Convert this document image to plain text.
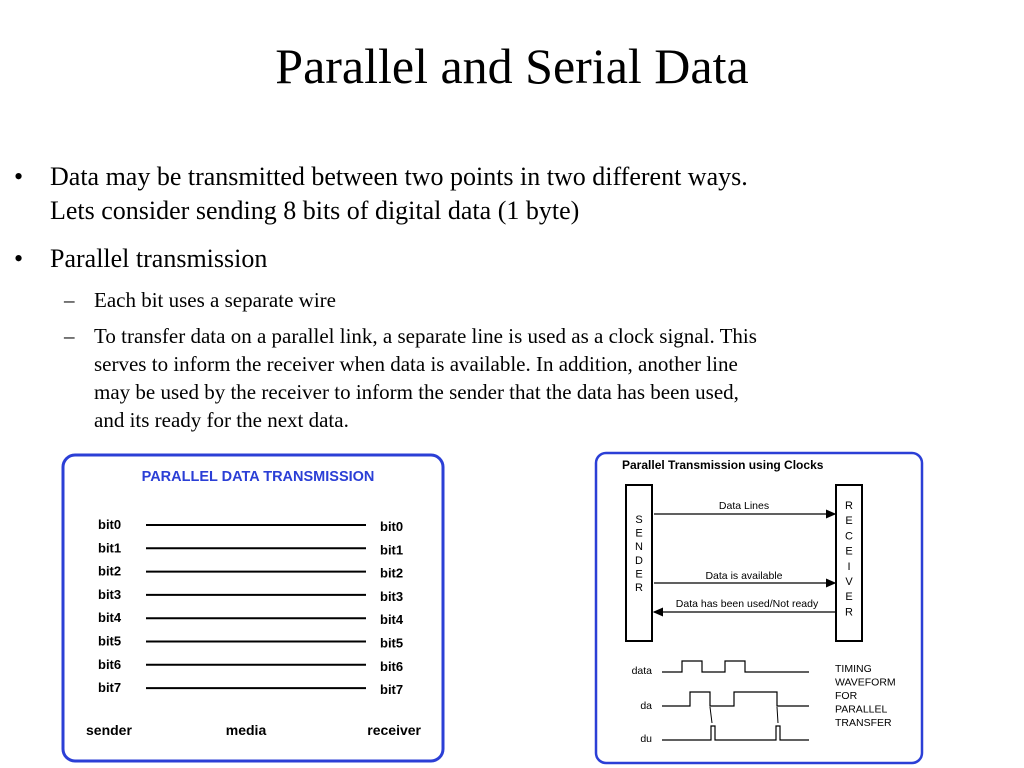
Parallel and Serial Data
• Data may be transmitted between two points in two different ways.
Lets consider sending 8 bits of digital data (1 byte)
• Parallel transmission
– Each bit uses a separate wire
– To transfer data on a parallel link, a separate line is used as a clock signal. This
serves to inform the receiver when data is available. In addition, another line
may be used by the receiver to inform the sender that the data has been used,
and its ready for the next data.
PARALLEL DATA TRANSMISSION
bit0	bit0
bit1	bit1
bit2	bit2
bit3	bit3
bit4	bit4
bit5	bit5
bit6	bit6
bit7	bit7
sender	media	receiver
Parallel Transmission using Clocks
S
E
N
D
E
R
R
E
C
E
I
V
E
R
Data Lines
Data is available
Data has been used/Not ready
data
da
du
TIMING
WAVEFORM
FOR
PARALLEL
TRANSFER
